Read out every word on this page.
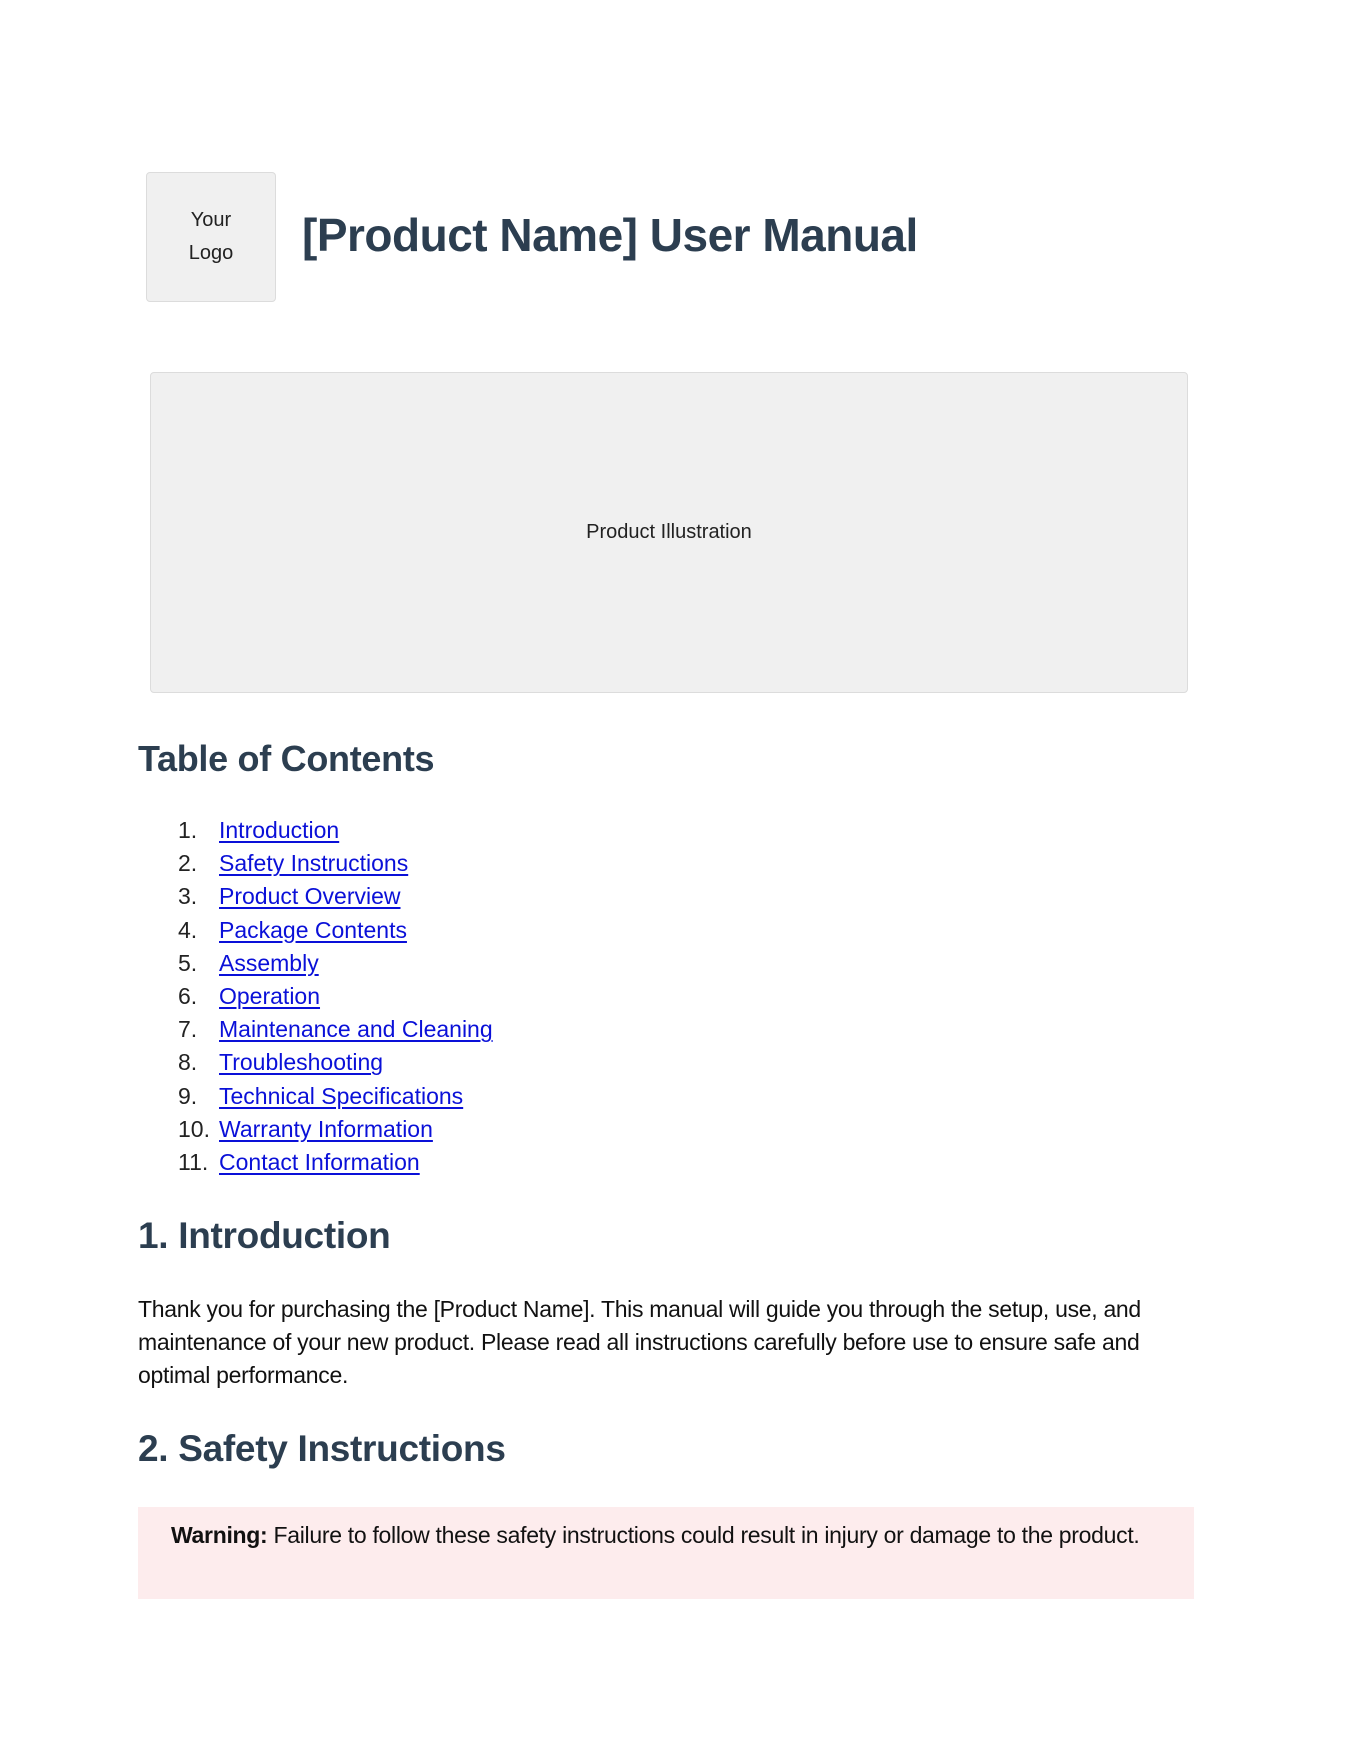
Your
Logo [Product Name] User Manual
Product Illustration
Table of Contents
1. Introduction
2. Safety Instructions
3. Product Overview
4. Package Contents
5. Assembly
6. Operation
7. Maintenance and Cleaning
8. Troubleshooting
9. Technical Specifications
10. Warranty Information
11. Contact Information
1. Introduction

Thank you for purchasing the [Product Name]. This manual will guide you through the setup, use, and maintenance of your new product. Please read all instructions carefully before use to ensure safe and optimal performance.

2. Safety Instructions
Warning: Failure to follow these safety instructions could result in injury or damage to the product.
